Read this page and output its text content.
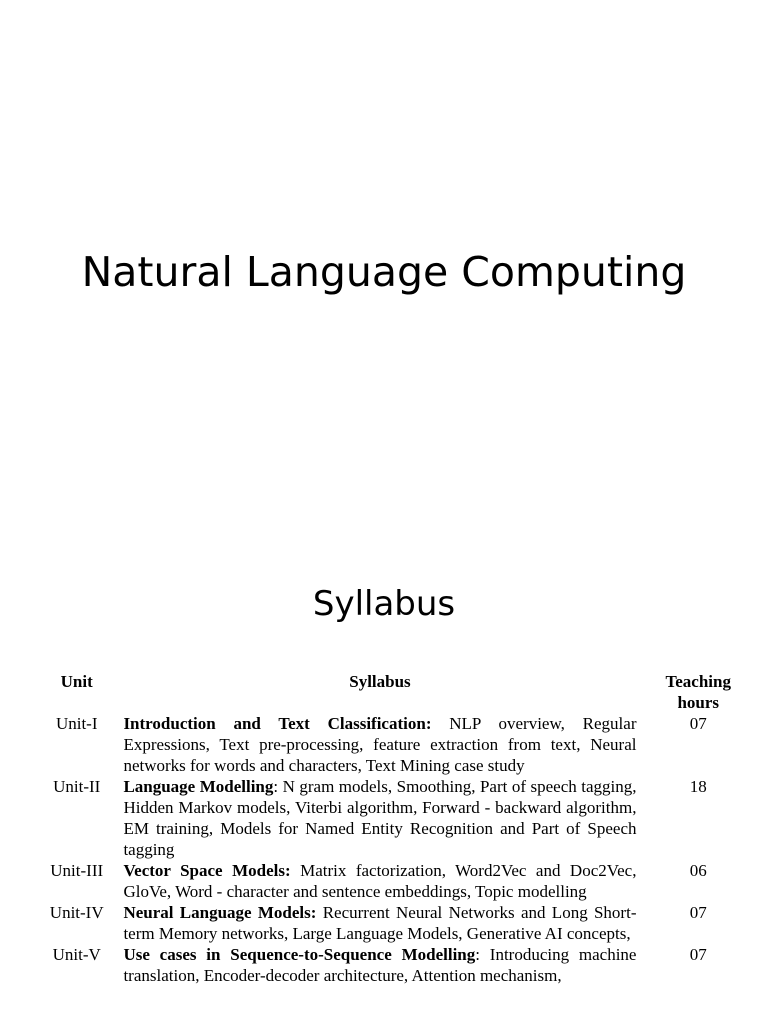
Natural Language Computing
Syllabus
Unit	Syllabus	Teaching hours
Unit-I	Introduction and Text Classification: NLP overview, Regular Expressions, Text pre-processing, feature extraction from text, Neural networks for words and characters, Text Mining case study	07
Unit-II	Language Modelling: N gram models, Smoothing, Part of speech tagging, Hidden Markov models, Viterbi algorithm, Forward - backward algorithm, EM training, Models for Named Entity Recognition and Part of Speech tagging	18
Unit-III	Vector Space Models: Matrix factorization, Word2Vec and Doc2Vec, GloVe, Word - character and sentence embeddings, Topic modelling	06
Unit-IV	Neural Language Models: Recurrent Neural Networks and Long Short-term Memory networks, Large Language Models, Generative AI concepts,	07
Unit-V	Use cases in Sequence-to-Sequence Modelling: Introducing machine translation, Encoder-decoder architecture, Attention mechanism,	07
